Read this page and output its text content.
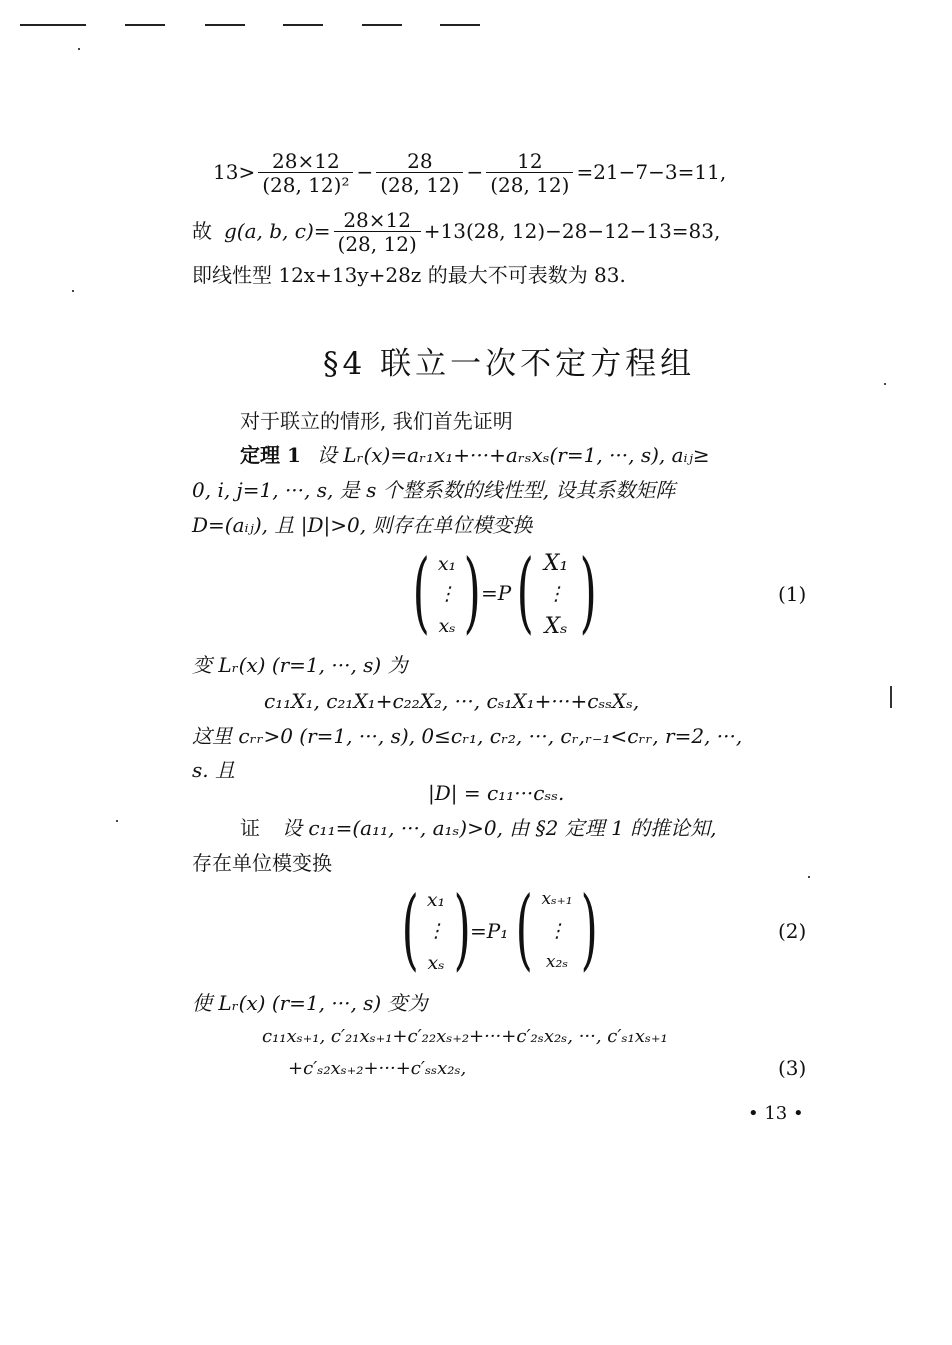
$13> \frac{28\times 12}{\text{(28, 12)²}} - \frac{28}{(28, 12)} - \frac{12}{(28, 12)} =21-7-3=11$,
故 g(a, b, $c)= \frac{28\times 12}{(28, 12)} +13(28$, 12)−28−12−13=83,
即线性型 12x+13y+28z 的最大不可表数为 83.
§4 联立一次不定方程组
对于联立的情形, 我们首先证明
定理 1 设 Lᵣ(x)=aᵣ₁x₁+···+aᵣₛxₛ(r=1, ···, s), aᵢⱼ≥
0, i, j=1, ···, s, 是 s 个整系数的线性型, 设其系数矩阵
D=(aᵢⱼ), 且 |D|>0, 则存在单位模变换
( x₁
⋮
xₛ ) =P ( X₁
⋮
Xₛ )	(1)
变 Lᵣ(x) (r=1, ···, s) 为
c₁₁X₁, c₂₁X₁+c₂₂X₂, ···, cₛ₁X₁+···+cₛₛXₛ,
这里 cᵣᵣ>0 (r=1, ···, s), 0≤cᵣ₁, cᵣ₂, ···, cᵣ,ᵣ₋₁<cᵣᵣ, r=2, ···,
s. 且
|D| = c₁₁···cₛₛ.
证 设 c₁₁=(a₁₁, ···, a₁ₛ)>0, 由 §2 定理 1 的推论知,
存在单位模变换
( x₁
⋮
xₛ ) =P₁ ( xₛ₊₁
⋮
x₂ₛ )	(2)
使 Lᵣ(x) (r=1, ···, s) 变为
c₁₁xₛ₊₁, c′₂₁xₛ₊₁+c′₂₂xₛ₊₂+···+c′₂ₛx₂ₛ, ···, c′ₛ₁xₛ₊₁
+c′ₛ₂xₛ₊₂+···+c′ₛₛx₂ₛ,	(3)
• 13 •
